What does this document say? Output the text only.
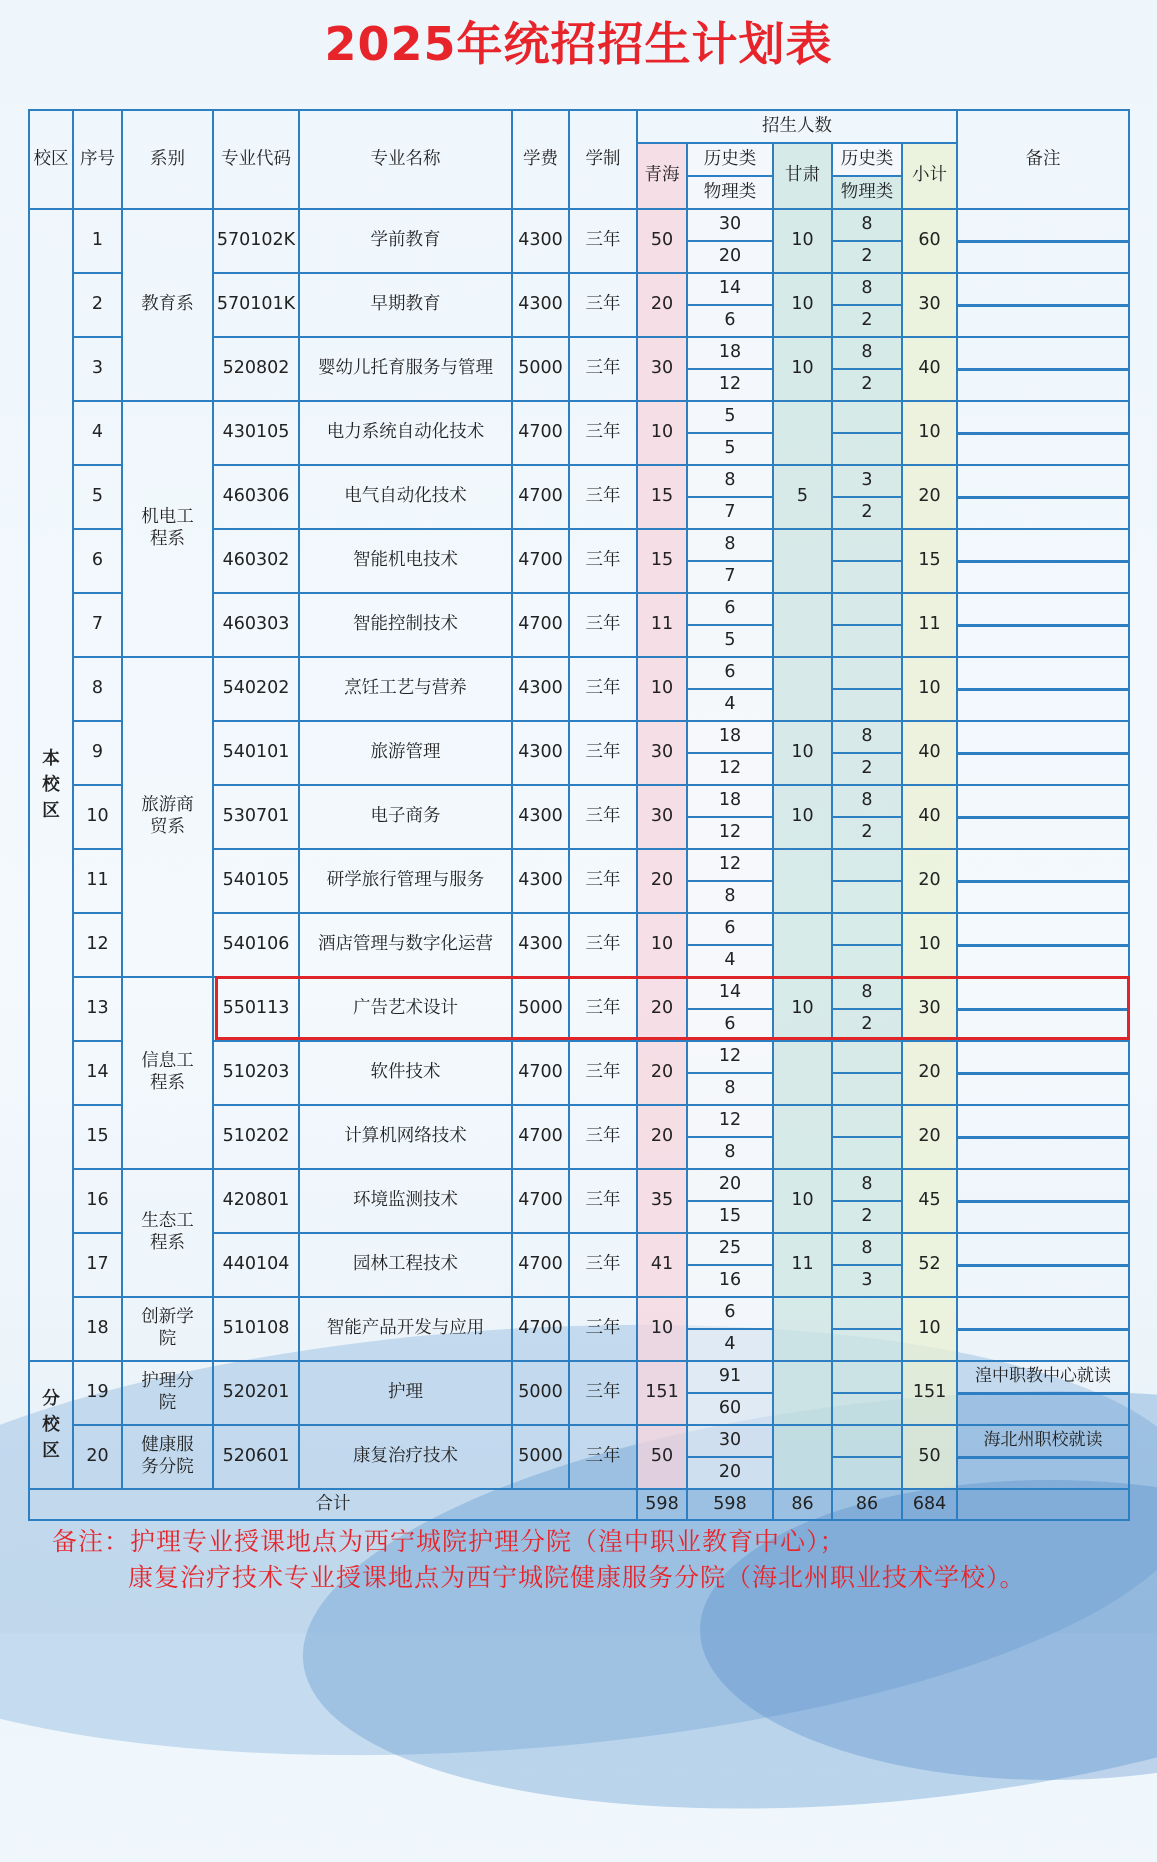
2025年统招招生计划表
校区	序号	系别	专业代码	专业名称	学费	学制	招生人数					备注
							青海	历史类	甘肃	历史类	小计	
								物理类		物理类		
本
校
区	1	教育系	570102K	学前教育	4300	三年	50	30	10	8	60	
								20		2		
	2		570101K	早期教育	4300	三年	20	14	10	8	30	
								6		2		
	3		520802	婴幼儿托育服务与管理	5000	三年	30	18	10	8	40	
								12		2		
	4	机电工程系	430105	电力系统自动化技术	4700	三年	10	5			10	
								5				
	5		460306	电气自动化技术	4700	三年	15	8	5	3	20	
								7		2		
	6		460302	智能机电技术	4700	三年	15	8			15	
								7				
	7		460303	智能控制技术	4700	三年	11	6			11	
								5				
	8	旅游商贸系	540202	烹饪工艺与营养	4300	三年	10	6			10	
								4				
	9		540101	旅游管理	4300	三年	30	18	10	8	40	
								12		2		
	10		530701	电子商务	4300	三年	30	18	10	8	40	
								12		2		
	11		540105	研学旅行管理与服务	4300	三年	20	12			20	
								8				
	12		540106	酒店管理与数字化运营	4300	三年	10	6			10	
								4				
	13	信息工程系	550113	广告艺术设计	5000	三年	20	14	10	8	30	
								6		2		
	14		510203	软件技术	4700	三年	20	12			20	
								8				
	15		510202	计算机网络技术	4700	三年	20	12			20	
								8				
	16	生态工程系	420801	环境监测技术	4700	三年	35	20	10	8	45	
								15		2		
	17		440104	园林工程技术	4700	三年	41	25	11	8	52	
								16		3		
	18	创新学院	510108	智能产品开发与应用	4700	三年	10	6			10	
								4				
分
校
区	19	护理分院	520201	护理	5000	三年	151	91			151	湟中职教中心就读
								60				
	20	健康服务分院	520601	康复治疗技术	5000	三年	50	30			50	海北州职校就读
								20				
合计							598	598	86	86	684	
备注：护理专业授课地点为西宁城院护理分院（湟中职业教育中心）；
康复治疗技术专业授课地点为西宁城院健康服务分院（海北州职业技术学校）。
